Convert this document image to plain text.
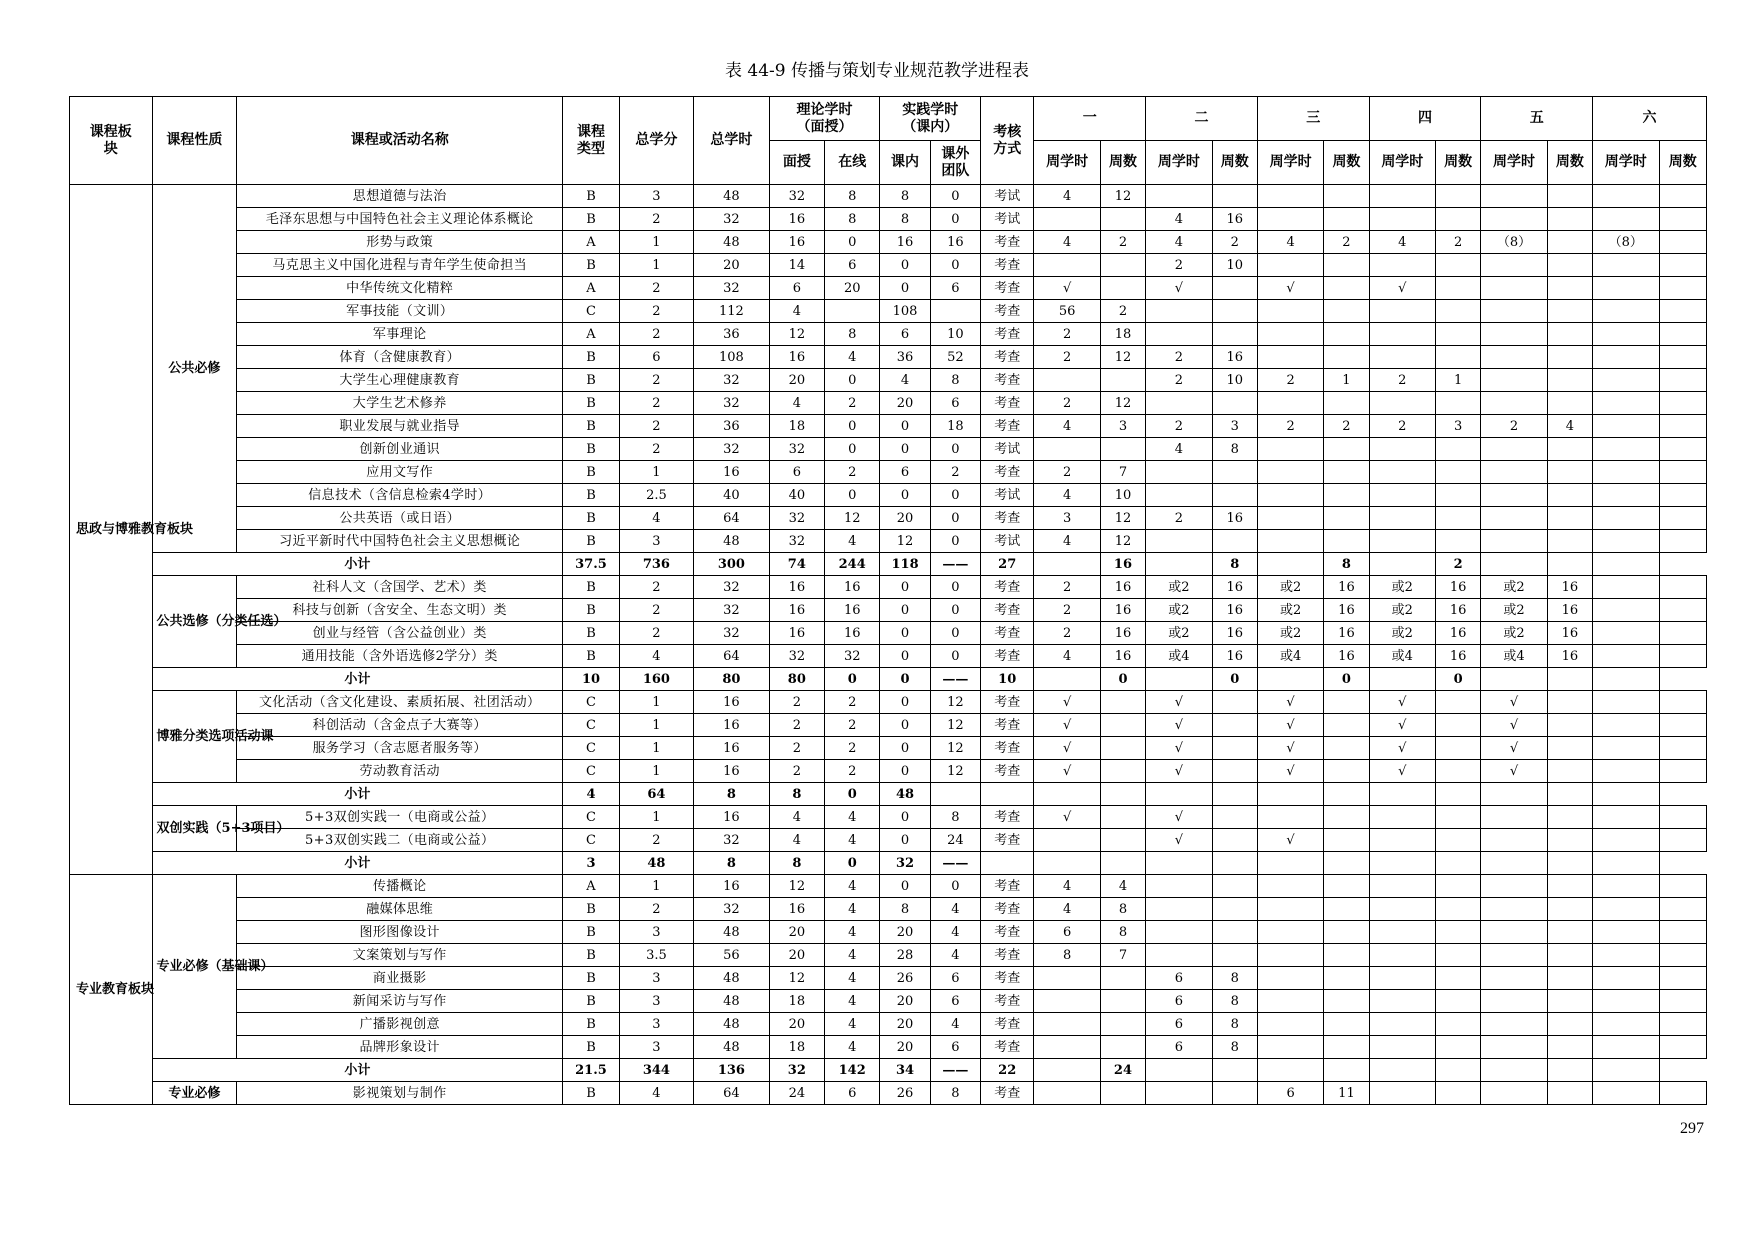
表 44-9 传播与策划专业规范教学进程表
课程板块	课程性质	课程或活动名称	课程类型	总学分	总学时	理论学时（面授）		实践学时（课内）		考核方式	一		二		三		四		五		六	
						面授	在线	课内	课外团队		周学时	周数	周学时	周数	周学时	周数	周学时	周数	周学时	周数	周学时	周数
思政与博雅教育板块	公共必修	思想道德与法治	B	3	48	32	8	8	0	考试	4	12										
		毛泽东思想与中国特色社会主义理论体系概论	B	2	32	16	8	8	0	考试			4	16								
		形势与政策	A	1	48	16	0	16	16	考查	4	2	4	2	4	2	4	2	（8）		（8）	
		马克思主义中国化进程与青年学生使命担当	B	1	20	14	6	0	0	考查			2	10								
		中华传统文化精粹	A	2	32	6	20	0	6	考查	√		√		√		√					
		军事技能（文训）	C	2	112	4		108		考查	56	2										
		军事理论	A	2	36	12	8	6	10	考查	2	18										
		体育（含健康教育）	B	6	108	16	4	36	52	考查	2	12	2	16								
		大学生心理健康教育	B	2	32	20	0	4	8	考查			2	10	2	1	2	1				
		大学生艺术修养	B	2	32	4	2	20	6	考查	2	12										
		职业发展与就业指导	B	2	36	18	0	0	18	考查	4	3	2	3	2	2	2	3	2	4		
		创新创业通识	B	2	32	32	0	0	0	考试			4	8								
		应用文写作	B	1	16	6	2	6	2	考查	2	7										
		信息技术（含信息检索4学时）	B	2.5	40	40	0	0	0	考试	4	10										
		公共英语（或日语）	B	4	64	32	12	20	0	考查	3	12	2	16								
		习近平新时代中国特色社会主义思想概论	B	3	48	32	4	12	0	考试	4	12										
	小计		37.5	736	300	74	244	118	——	27		16		8		8		2				
	公共选修（分类任选）	社科人文（含国学、艺术）类	B	2	32	16	16	0	0	考查	2	16	或2	16	或2	16	或2	16	或2	16		
		科技与创新（含安全、生态文明）类	B	2	32	16	16	0	0	考查	2	16	或2	16	或2	16	或2	16	或2	16		
		创业与经管（含公益创业）类	B	2	32	16	16	0	0	考查	2	16	或2	16	或2	16	或2	16	或2	16		
		通用技能（含外语选修2学分）类	B	4	64	32	32	0	0	考查	4	16	或4	16	或4	16	或4	16	或4	16		
	小计		10	160	80	80	0	0	——	10		0		0		0		0				
	博雅分类选项活动课	文化活动（含文化建设、素质拓展、社团活动）	C	1	16	2	2	0	12	考查	√		√		√		√		√			
		科创活动（含金点子大赛等）	C	1	16	2	2	0	12	考查	√		√		√		√		√			
		服务学习（含志愿者服务等）	C	1	16	2	2	0	12	考查	√		√		√		√		√			
		劳动教育活动	C	1	16	2	2	0	12	考查	√		√		√		√		√			
	小计		4	64	8	8	0	48														
	双创实践（5+3项目）	5+3双创实践一（电商或公益）	C	1	16	4	4	0	8	考查	√		√									
		5+3双创实践二（电商或公益）	C	2	32	4	4	0	24	考查			√		√							
	小计		3	48	8	8	0	32	——													
专业教育板块	专业必修（基础课）	传播概论	A	1	16	12	4	0	0	考查	4	4										
		融媒体思维	B	2	32	16	4	8	4	考查	4	8										
		图形图像设计	B	3	48	20	4	20	4	考查	6	8										
		文案策划与写作	B	3.5	56	20	4	28	4	考查	8	7										
		商业摄影	B	3	48	12	4	26	6	考查			6	8								
		新闻采访与写作	B	3	48	18	4	20	6	考查			6	8								
		广播影视创意	B	3	48	20	4	20	4	考查			6	8								
		品牌形象设计	B	3	48	18	4	20	6	考查			6	8								
	小计		21.5	344	136	32	142	34	——	22		24										
	专业必修	影视策划与制作	B	4	64	24	6	26	8	考查					6	11						
297
